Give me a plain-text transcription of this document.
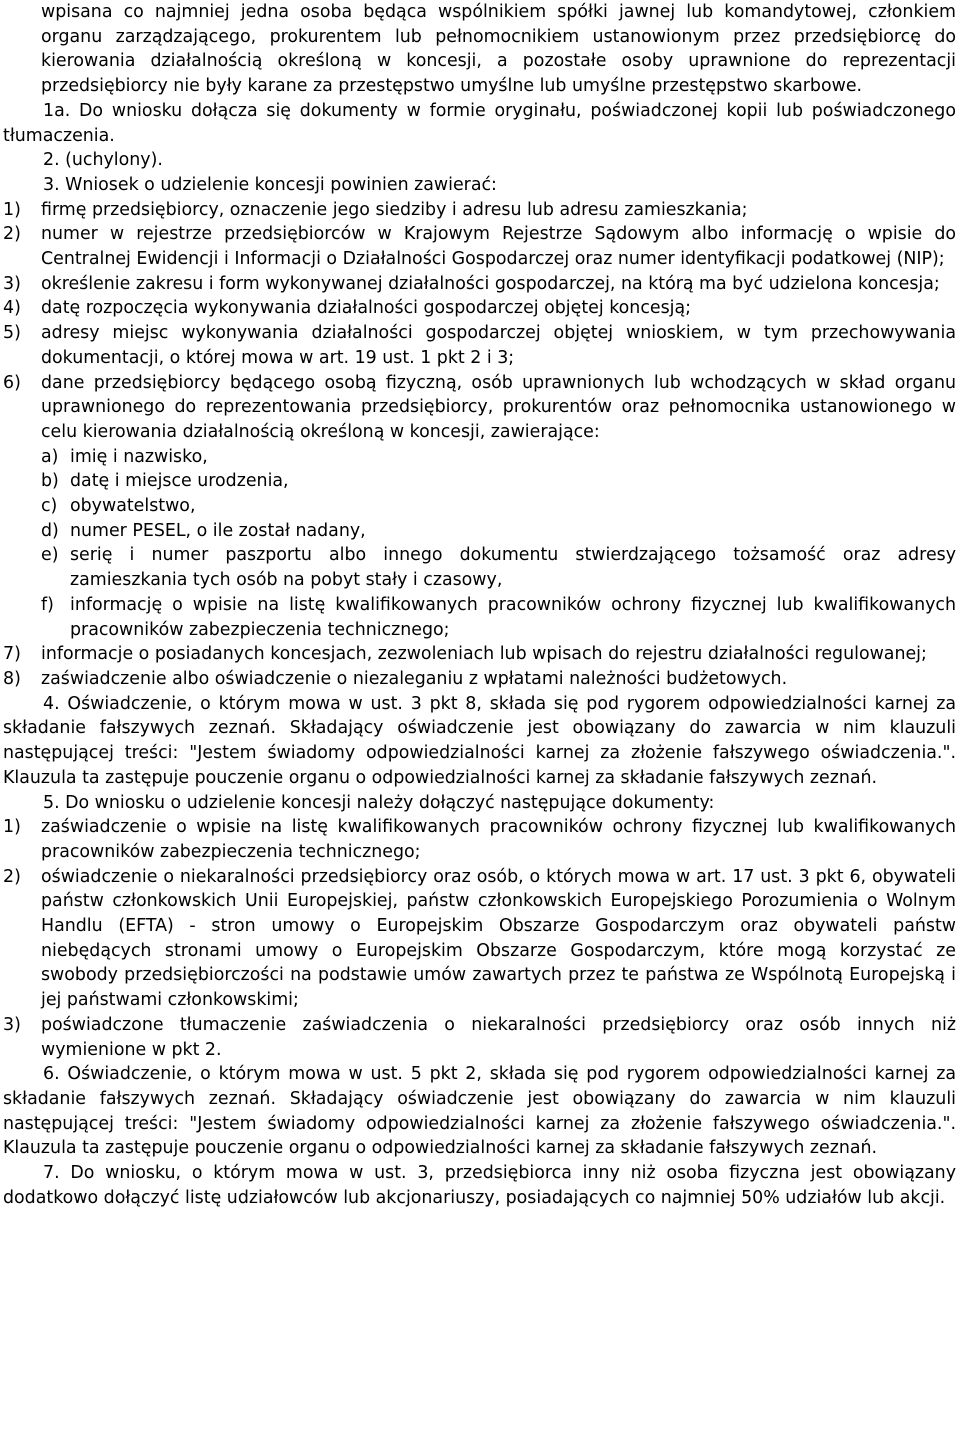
wpisana co najmniej jedna osoba będąca wspólnikiem spółki jawnej lub komandytowej, członkiem organu zarządzającego, prokurentem lub pełnomocnikiem ustanowionym przez przedsiębiorcę do kierowania działalnością określoną w koncesji, a pozostałe osoby uprawnione do reprezentacji przedsiębiorcy nie były karane za przestępstwo umyślne lub umyślne przestępstwo skarbowe.

1a. Do wniosku dołącza się dokumenty w formie oryginału, poświadczonej kopii lub poświadczonego tłumaczenia.

2. (uchylony).

3. Wniosek o udzielenie koncesji powinien zawierać:

1)	firmę przedsiębiorcy, oznaczenie jego siedziby i adresu lub adresu zamieszkania;
2)	numer w rejestrze przedsiębiorców w Krajowym Rejestrze Sądowym albo informację o wpisie do Centralnej Ewidencji i Informacji o Działalności Gospodarczej oraz numer identyfikacji podatkowej (NIP);
3)	określenie zakresu i form wykonywanej działalności gospodarczej, na którą ma być udzielona koncesja;
4)	datę rozpoczęcia wykonywania działalności gospodarczej objętej koncesją;
5)	adresy miejsc wykonywania działalności gospodarczej objętej wnioskiem, w tym przechowywania dokumentacji, o której mowa w art. 19 ust. 1 pkt 2 i 3;
6)	dane przedsiębiorcy będącego osobą fizyczną, osób uprawnionych lub wchodzących w skład organu uprawnionego do reprezentowania przedsiębiorcy, prokurentów oraz pełnomocnika ustanowionego w celu kierowania działalnością określoną w koncesji, zawierające:
a) imię i nazwisko,
b) datę i miejsce urodzenia,
c) obywatelstwo,
d) numer PESEL, o ile został nadany,
e) serię i numer paszportu albo innego dokumentu stwierdzającego tożsamość oraz adresy zamieszkania tych osób na pobyt stały i czasowy,
f) informację o wpisie na listę kwalifikowanych pracowników ochrony fizycznej lub kwalifikowanych pracowników zabezpieczenia technicznego;
7)	informacje o posiadanych koncesjach, zezwoleniach lub wpisach do rejestru działalności regulowanej;
8)	zaświadczenie albo oświadczenie o niezaleganiu z wpłatami należności budżetowych.

4. Oświadczenie, o którym mowa w ust. 3 pkt 8, składa się pod rygorem odpowiedzialności karnej za składanie fałszywych zeznań. Składający oświadczenie jest obowiązany do zawarcia w nim klauzuli następującej treści: "Jestem świadomy odpowiedzialności karnej za złożenie fałszywego oświadczenia.". Klauzula ta zastępuje pouczenie organu o odpowiedzialności karnej za składanie fałszywych zeznań.

5. Do wniosku o udzielenie koncesji należy dołączyć następujące dokumenty:

1)	zaświadczenie o wpisie na listę kwalifikowanych pracowników ochrony fizycznej lub kwalifikowanych pracowników zabezpieczenia technicznego;
2)	oświadczenie o niekaralności przedsiębiorcy oraz osób, o których mowa w art. 17 ust. 3 pkt 6, obywateli państw członkowskich Unii Europejskiej, państw członkowskich Europejskiego Porozumienia o Wolnym Handlu (EFTA) - stron umowy o Europejskim Obszarze Gospodarczym oraz obywateli państw niebędących stronami umowy o Europejskim Obszarze Gospodarczym, które mogą korzystać ze swobody przedsiębiorczości na podstawie umów zawartych przez te państwa ze Wspólnotą Europejską i jej państwami członkowskimi;
3)	poświadczone tłumaczenie zaświadczenia o niekaralności przedsiębiorcy oraz osób innych niż wymienione w pkt 2.

6. Oświadczenie, o którym mowa w ust. 5 pkt 2, składa się pod rygorem odpowiedzialności karnej za składanie fałszywych zeznań. Składający oświadczenie jest obowiązany do zawarcia w nim klauzuli następującej treści: "Jestem świadomy odpowiedzialności karnej za złożenie fałszywego oświadczenia.". Klauzula ta zastępuje pouczenie organu o odpowiedzialności karnej za składanie fałszywych zeznań.

7. Do wniosku, o którym mowa w ust. 3, przedsiębiorca inny niż osoba fizyczna jest obowiązany dodatkowo dołączyć listę udziałowców lub akcjonariuszy, posiadających co najmniej 50% udziałów lub akcji.
